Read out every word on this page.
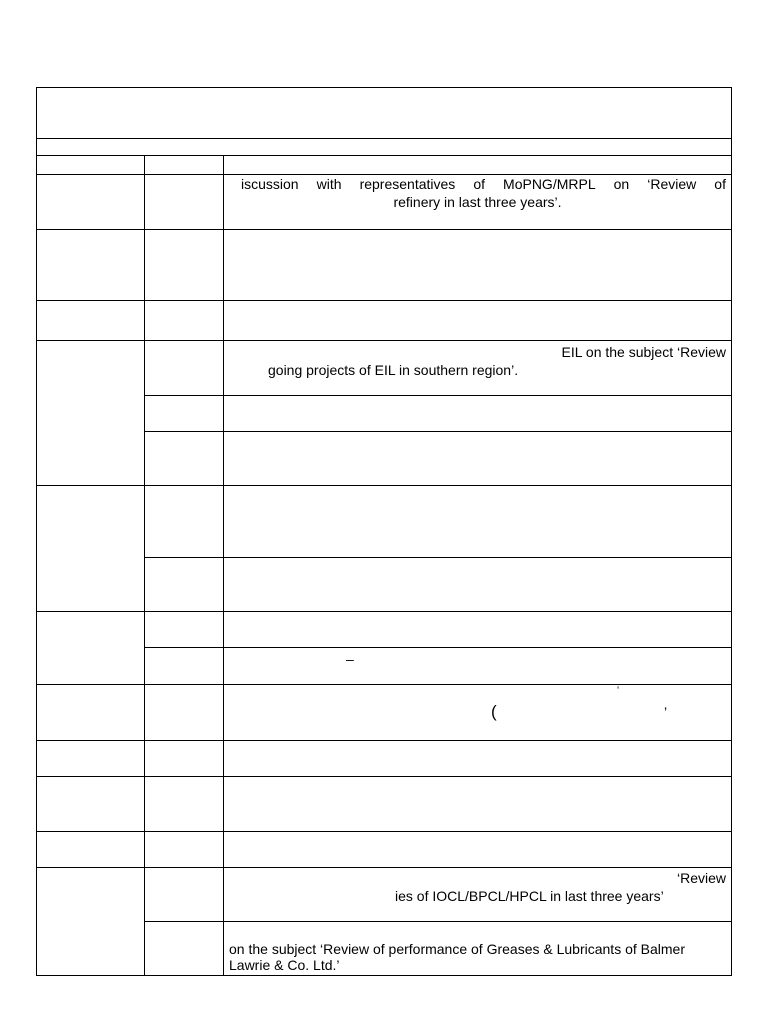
iscussion with representatives of MoPNG/MRPL on ‘Review of
refinery in last three years’.
EIL on the subject ‘Review
going projects of EIL in southern region’.
–
‘
(	’
‘Review
ies of IOCL/BPCL/HPCL in last three years’
on the subject ‘Review of performance of Greases & Lubricants of Balmer
Lawrie & Co. Ltd.’
